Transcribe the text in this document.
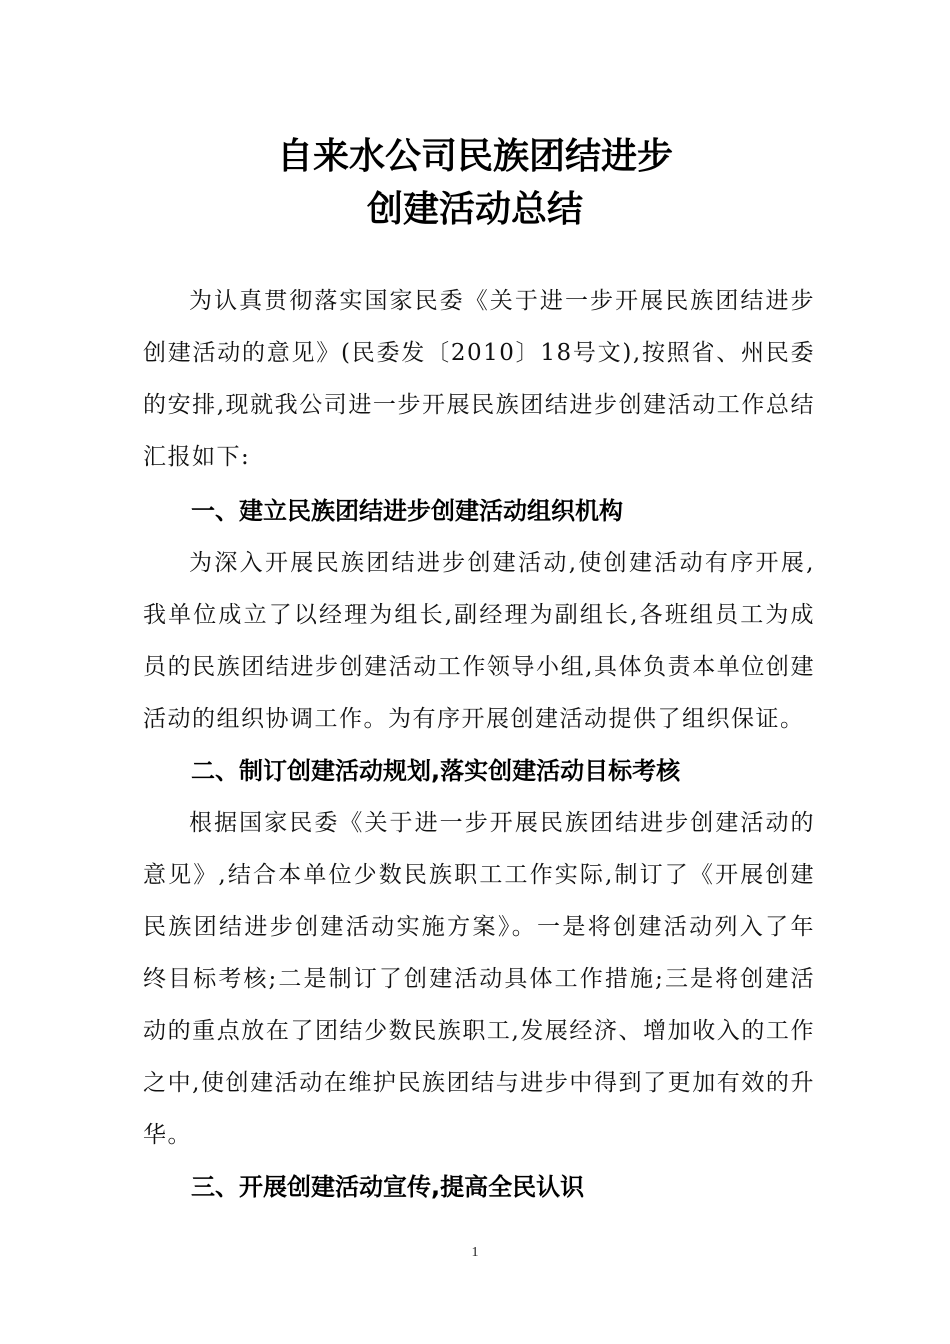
自来水公司民族团结进步
创建活动总结

为认真贯彻落实国家民委《关于进一步开展民族团结进步创建活动的意见》(民委发〔2010〕18号文),按照省、州民委的安排,现就我公司进一步开展民族团结进步创建活动工作总结汇报如下:

一、建立民族团结进步创建活动组织机构

为深入开展民族团结进步创建活动,使创建活动有序开展,我单位成立了以经理为组长,副经理为副组长,各班组员工为成员的民族团结进步创建活动工作领导小组,具体负责本单位创建活动的组织协调工作。为有序开展创建活动提供了组织保证。

二、制订创建活动规划,落实创建活动目标考核

根据国家民委《关于进一步开展民族团结进步创建活动的意见》,结合本单位少数民族职工工作实际,制订了《开展创建民族团结进步创建活动实施方案》。一是将创建活动列入了年终目标考核;二是制订了创建活动具体工作措施;三是将创建活动的重点放在了团结少数民族职工,发展经济、增加收入的工作之中,使创建活动在维护民族团结与进步中得到了更加有效的升华。

三、开展创建活动宣传,提高全民认识

1
